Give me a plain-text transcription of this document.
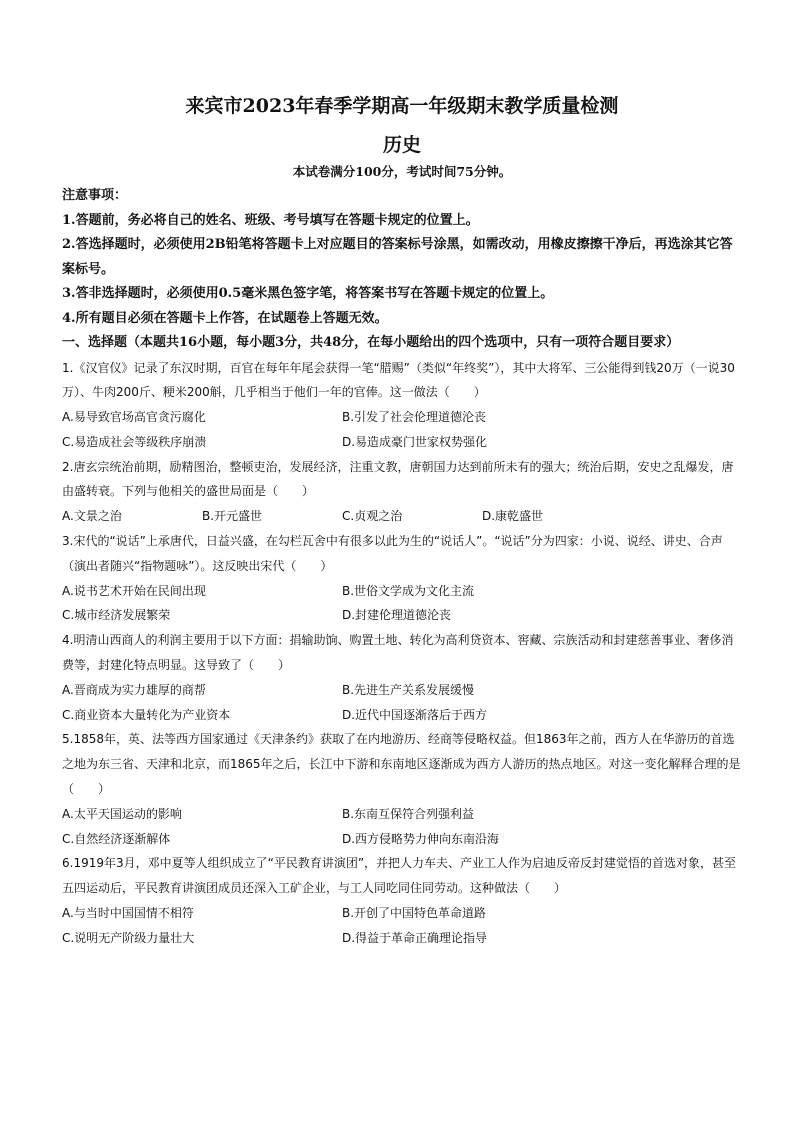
来宾市2023年春季学期高一年级期末教学质量检测
历史
本试卷满分100分，考试时间75分钟。
注意事项：
1.答题前，务必将自己的姓名、班级、考号填写在答题卡规定的位置上。
2.答选择题时，必须使用2B铅笔将答题卡上对应题目的答案标号涂黑，如需改动，用橡皮擦擦干净后，再选涂其它答案标号。
3.答非选择题时，必须使用0.5毫米黑色签字笔，将答案书写在答题卡规定的位置上。
4.所有题目必须在答题卡上作答，在试题卷上答题无效。
一、选择题（本题共16小题，每小题3分，共48分，在每小题给出的四个选项中，只有一项符合题目要求）
1.《汉官仪》记录了东汉时期，百官在每年年尾会获得一笔“腊赐”（类似“年终奖”），其中大将军、三公能得到钱20万（一说30万）、牛肉200斤、粳米200斛，几乎相当于他们一年的官俸。这一做法（　　）
A.易导致官场高官贪污腐化	B.引发了社会伦理道德沦丧
C.易造成社会等级秩序崩溃	D.易造成豪门世家权势强化
2.唐玄宗统治前期，励精图治，整顿吏治，发展经济，注重文教，唐朝国力达到前所未有的强大；统治后期，安史之乱爆发，唐由盛转衰。下列与他相关的盛世局面是（　　）
A.文景之治	B.开元盛世	C.贞观之治	D.康乾盛世
3.宋代的“说话”上承唐代，日益兴盛，在勾栏瓦舍中有很多以此为生的“说话人”。“说话”分为四家：小说、说经、讲史、合声（演出者随兴“指物题咏”）。这反映出宋代（　　）
A.说书艺术开始在民间出现	B.世俗文学成为文化主流
C.城市经济发展繁荣	D.封建伦理道德沦丧
4.明清山西商人的利润主要用于以下方面：捐输助饷、购置土地、转化为高利贷资本、窖藏、宗族活动和封建慈善事业、奢侈消费等，封建化特点明显。这导致了（　　）
A.晋商成为实力雄厚的商帮	B.先进生产关系发展缓慢
C.商业资本大量转化为产业资本	D.近代中国逐渐落后于西方
5.1858年，英、法等西方国家通过《天津条约》获取了在内地游历、经商等侵略权益。但1863年之前，西方人在华游历的首选之地为东三省、天津和北京，而1865年之后，长江中下游和东南地区逐渐成为西方人游历的热点地区。对这一变化解释合理的是（　　）
A.太平天国运动的影响	B.东南互保符合列强利益
C.自然经济逐渐解体	D.西方侵略势力伸向东南沿海
6.1919年3月，邓中夏等人组织成立了“平民教育讲演团”，并把人力车夫、产业工人作为启迪反帝反封建觉悟的首选对象，甚至五四运动后，平民教育讲演团成员还深入工矿企业，与工人同吃同住同劳动。这种做法（　　）
A.与当时中国国情不相符	B.开创了中国特色革命道路
C.说明无产阶级力量壮大	D.得益于革命正确理论指导
